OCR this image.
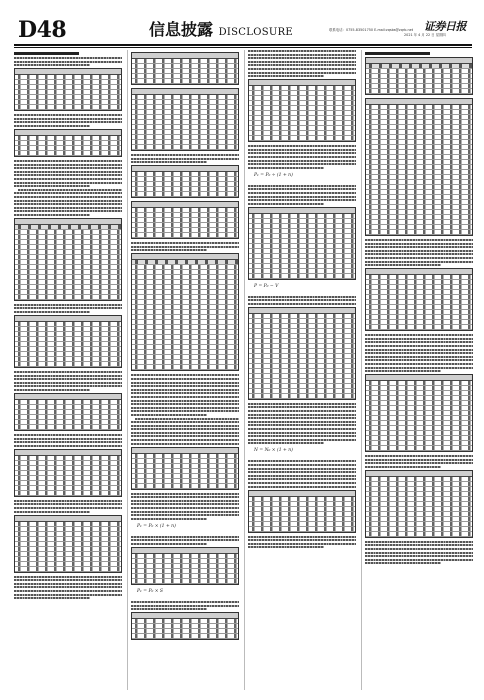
D48	信息披露 DISCLOSURE	联系电话：0755-83501750 E-mail:zqsbs@zqrb.net
2021 年 4 月 22 日 星期四
证券日报
P₁ = P₀ × (1 + n)
P₁ = P₀ × S
P₁ = P₀ ÷ (1 + n)
P = P₀ − V
N = N₀ × (1 + n)
